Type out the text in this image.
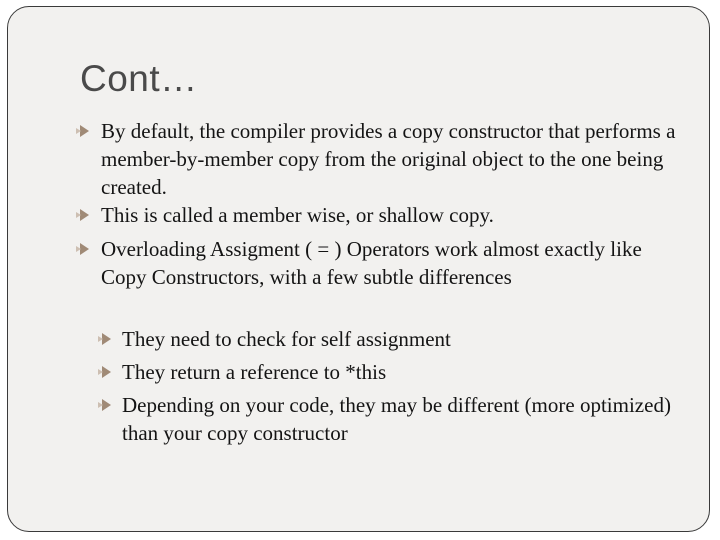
Cont…
By default, the compiler provides a copy constructor that performs a member-by-member copy from the original object to the one being created.
This is called a member wise, or shallow copy.
Overloading Assigment ( = ) Operators work almost exactly like Copy Constructors, with a few subtle differences
They need to check for self assignment
They return a reference to *this
Depending on your code, they may be different (more optimized) than your copy constructor
